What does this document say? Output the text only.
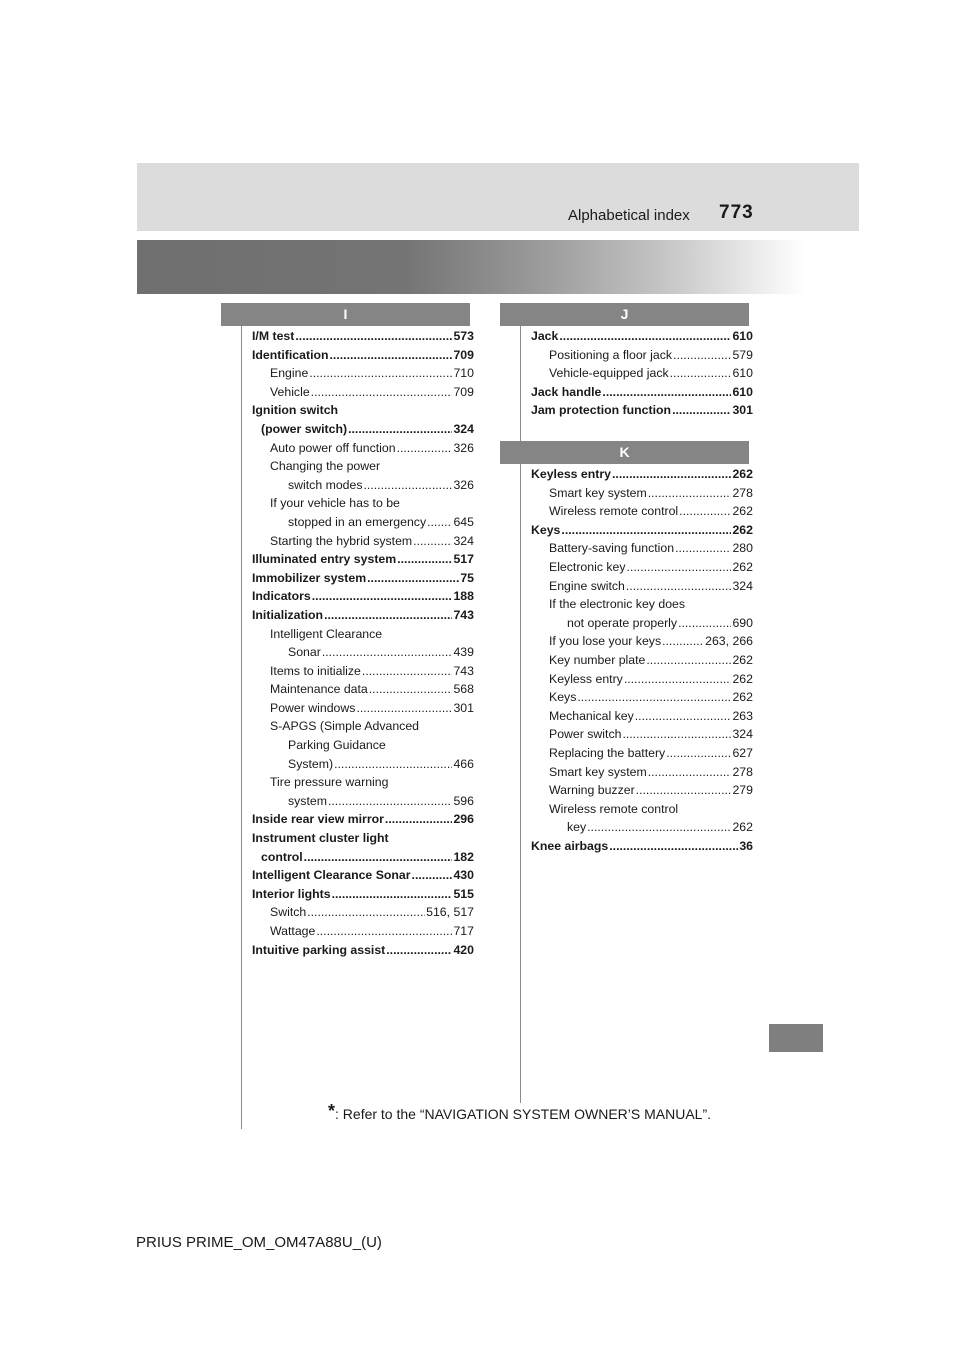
Alphabetical index 773
I	J
K
I/M test .....	573
Identification .....	709
Engine .....	710
Vehicle .....	709
Ignition switch
(power switch) .....	324
Auto power off function .....	326
Changing the power
switch modes .....	326
If your vehicle has to be
stopped in an emergency ..... 645
Starting the hybrid system .....	324
Illuminated entry system .....	517
Immobilizer system .....	75
Indicators .....	188
Initialization .....	743
Intelligent Clearance
Sonar .....	439
Items to initialize .....	743
Maintenance data .....	568
Power windows .....	301
S-APGS (Simple Advanced
Parking Guidance
System) .....	466
Tire pressure warning
system .....	596
Inside rear view mirror .....	296
Instrument cluster light
control .....	182
Intelligent Clearance Sonar .....	430
Interior lights .....	515
Switch .....	516, 517
Wattage .....	717
Intuitive parking assist .....	420
Jack .....	610
Positioning a floor jack .....	579
Vehicle-equipped jack .....	610
Jack handle .....	610
Jam protection function .....	301
Keyless entry .....	262
Smart key system .....	278
Wireless remote control .....	262
Keys .....	262
Battery-saving function .....	280
Electronic key .....	262
Engine switch .....	324
If the electronic key does
not operate properly .....	690
If you lose your keys .....	263, 266
Key number plate .....	262
Keyless entry .....	262
Keys .....	262
Mechanical key .....	263
Power switch .....	324
Replacing the battery .....	627
Smart key system .....	278
Warning buzzer .....	279
Wireless remote control
key .....	262
Knee airbags .....	36
*: Refer to the “NAVIGATION SYSTEM OWNER’S MANUAL”.
PRIUS PRIME_OM_OM47A88U_(U)
